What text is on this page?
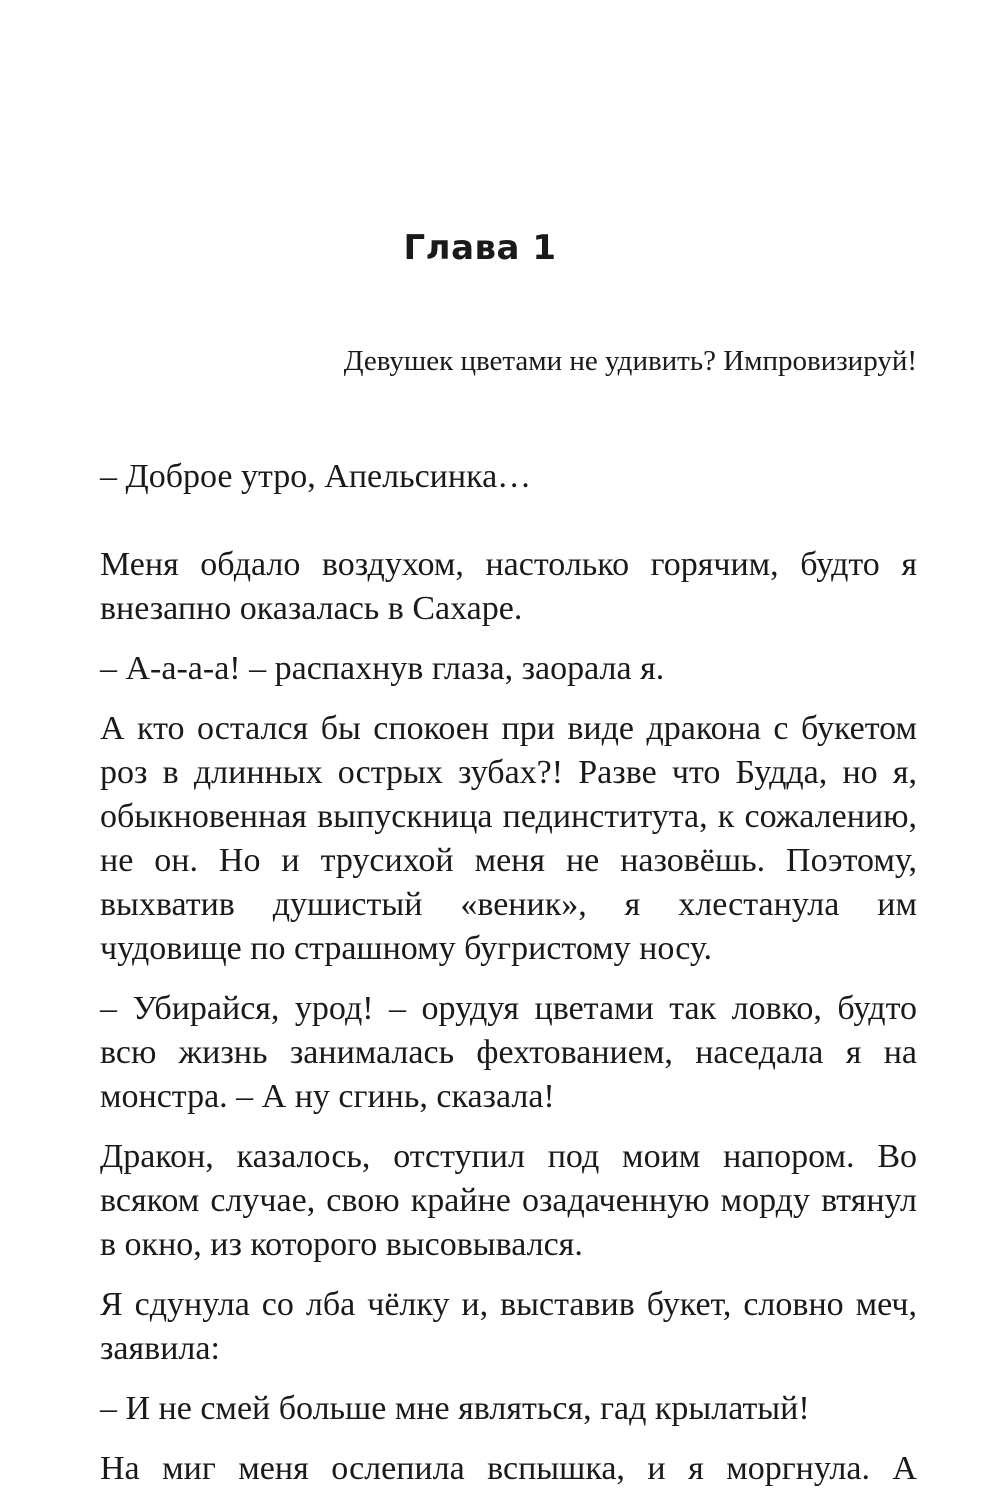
Глава 1

Девушек цветами не удивить? Импровизируй!

– Доброе утро, Апельсинка…

Меня обдало воздухом, настолько горячим, будто я внезапно оказалась в Сахаре.

– А-а-а-а! – распахнув глаза, заорала я.

А кто остался бы спокоен при виде дракона с букетом роз в длинных острых зубах?! Разве что Будда, но я, обыкновенная выпускница пединститута, к сожалению, не он. Но и трусихой меня не назовёшь. Поэтому, выхватив душистый «веник», я хлестанула им чудовище по страшному бугристому носу.

– Убирайся, урод! – орудуя цветами так ловко, будто всю жизнь занималась фехтованием, наседала я на монстра. – А ну сгинь, сказала!

Дракон, казалось, отступил под моим напором. Во всяком случае, свою крайне озадаченную морду втянул в окно, из которого высовывался.

Я сдунула со лба чёлку и, выставив букет, словно меч, заявила:

– И не смей больше мне являться, гад крылатый!

На миг меня ослепила вспышка, и я моргнула. А
